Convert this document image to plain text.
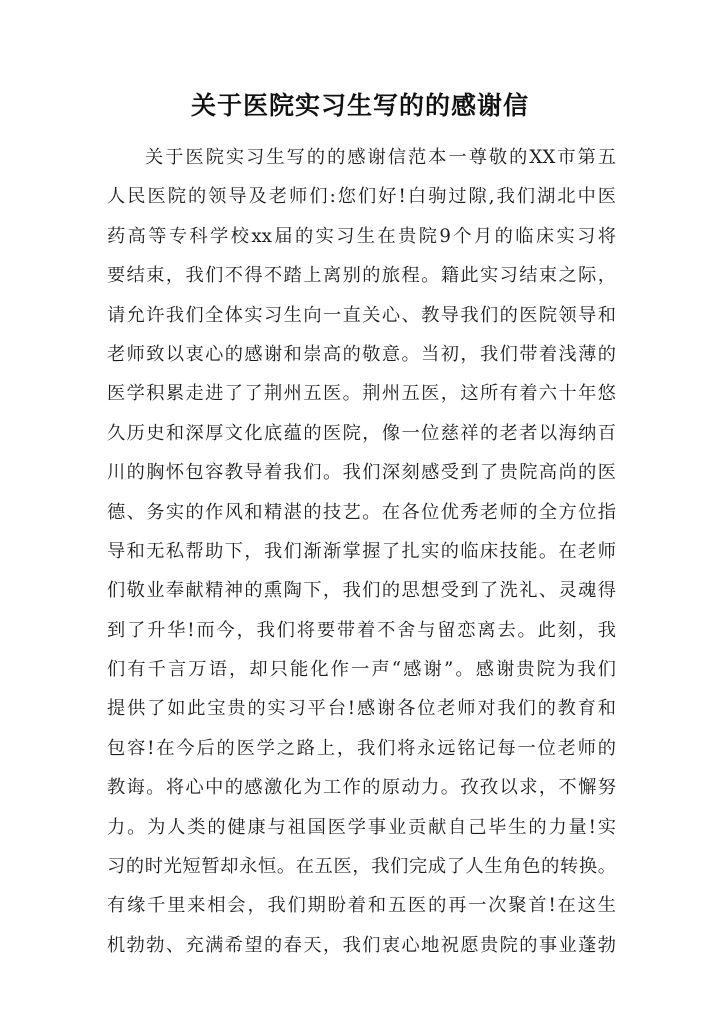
关于医院实习生写的的感谢信
关于医院实习生写的的感谢信范本一尊敬的XX市第五
人民医院的领导及老师们:您们好!白驹过隙,我们湖北中医
药高等专科学校xx届的实习生在贵院9个月的临床实习将
要结束，我们不得不踏上离别的旅程。籍此实习结束之际，
请允许我们全体实习生向一直关心、教导我们的医院领导和
老师致以衷心的感谢和崇高的敬意。当初，我们带着浅薄的
医学积累走进了了荆州五医。荆州五医，这所有着六十年悠
久历史和深厚文化底蕴的医院，像一位慈祥的老者以海纳百
川的胸怀包容教导着我们。我们深刻感受到了贵院高尚的医
德、务实的作风和精湛的技艺。在各位优秀老师的全方位指
导和无私帮助下，我们渐渐掌握了扎实的临床技能。在老师
们敬业奉献精神的熏陶下，我们的思想受到了洗礼、灵魂得
到了升华!而今，我们将要带着不舍与留恋离去。此刻，我
们有千言万语，却只能化作一声“感谢”。感谢贵院为我们
提供了如此宝贵的实习平台!感谢各位老师对我们的教育和
包容!在今后的医学之路上，我们将永远铭记每一位老师的
教诲。将心中的感激化为工作的原动力。孜孜以求，不懈努
力。为人类的健康与祖国医学事业贡献自己毕生的力量!实
习的时光短暂却永恒。在五医，我们完成了人生角色的转换。
有缘千里来相会，我们期盼着和五医的再一次聚首!在这生
机勃勃、充满希望的春天，我们衷心地祝愿贵院的事业蓬勃
